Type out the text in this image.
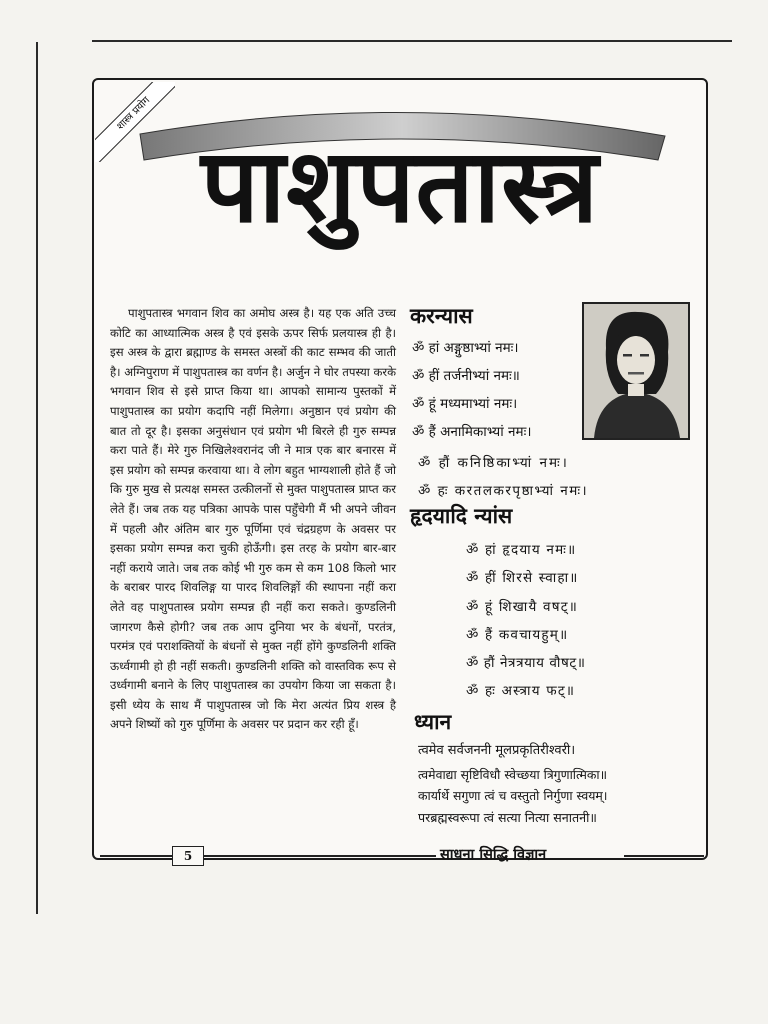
शास्त्र प्रयोग
पाशुपतास्त्र

पाशुपतास्त्र भगवान शिव का अमोघ अस्त्र है। यह एक अति उच्च कोटि का आध्यात्मिक अस्त्र है एवं इसके ऊपर सिर्फ प्रलयास्त्र ही है। इस अस्त्र के द्वारा ब्रह्माण्ड के समस्त अस्त्रों की काट सम्भव की जाती है। अग्निपुराण में पाशुपतास्त्र का वर्णन है। अर्जुन ने घोर तपस्या करके भगवान शिव से इसे प्राप्त किया था। आपको सामान्य पुस्तकों में पाशुपतास्त्र का प्रयोग कदापि नहीं मिलेगा। अनुष्ठान एवं प्रयोग की बात तो दूर है। इसका अनुसंधान एवं प्रयोग भी बिरले ही गुरु सम्पन्न करा पाते हैं। मेरे गुरु निखिलेश्वरानंद जी ने मात्र एक बार बनारस में इस प्रयोग को सम्पन्न करवाया था। वे लोग बहुत भाग्यशाली होते हैं जो कि गुरु मुख से प्रत्यक्ष समस्त उत्कीलनों से मुक्त पाशुपतास्त्र प्राप्त कर लेते हैं। जब तक यह पत्रिका आपके पास पहुँचेगी मैं भी अपने जीवन में पहली और अंतिम बार गुरु पूर्णिमा एवं चंद्रग्रहण के अवसर पर इसका प्रयोग सम्पन्न करा चुकी होऊँगी। इस तरह के प्रयोग बार-बार नहीं कराये जाते। जब तक कोई भी गुरु कम से कम 108 किलो भार के बराबर पारद शिवलिङ्ग या पारद शिवलिङ्गों की स्थापना नहीं करा लेते वह पाशुपतास्त्र प्रयोग सम्पन्न ही नहीं करा सकते। कुण्डलिनी जागरण कैसे होगी? जब तक आप दुनिया भर के बंधनों, परतंत्र, परमंत्र एवं पराशक्तियों के बंधनों से मुक्त नहीं होंगे कुण्डलिनी शक्ति ऊर्ध्वगामी हो ही नहीं सकती। कुण्डलिनी शक्ति को वास्तविक रूप से उर्ध्वगामी बनाने के लिए पाशुपतास्त्र का उपयोग किया जा सकता है। इसी ध्येय के साथ मैं पाशुपतास्त्र जो कि मेरा अत्यंत प्रिय शस्त्र है अपने शिष्यों को गुरु पूर्णिमा के अवसर पर प्रदान कर रही हूँ।

करन्यास
ॐ हां अङ्गुष्ठाभ्यां नमः।
ॐ हीं तर्जनीभ्यां नमः॥
ॐ हूं मध्यमाभ्यां नमः।
ॐ हैं अनामिकाभ्यां नमः।
ॐ हौं कनिष्ठिकाभ्यां नमः।
ॐ हः करतलकरपृष्ठाभ्यां नमः।
हृदयादि न्यांस
ॐ हां हृदयाय नमः॥
ॐ हीं शिरसे स्वाहा॥
ॐ हूं शिखायै वषट्॥
ॐ हैं कवचायहुम्॥
ॐ हौं नेत्रत्रयाय वौषट्॥
ॐ हः अस्त्राय फट्॥
ध्यान
त्वमेव सर्वजननी मूलप्रकृतिरीश्वरी।
त्वमेवाद्या सृष्टिविधौ स्वेच्छया त्रिगुणात्मिका॥
कार्यार्थे सगुणा त्वं च वस्तुतो निर्गुणा स्वयम्।
परब्रह्मस्वरूपा त्वं सत्या नित्या सनातनी॥
5	साधना सिद्धि विज्ञान
